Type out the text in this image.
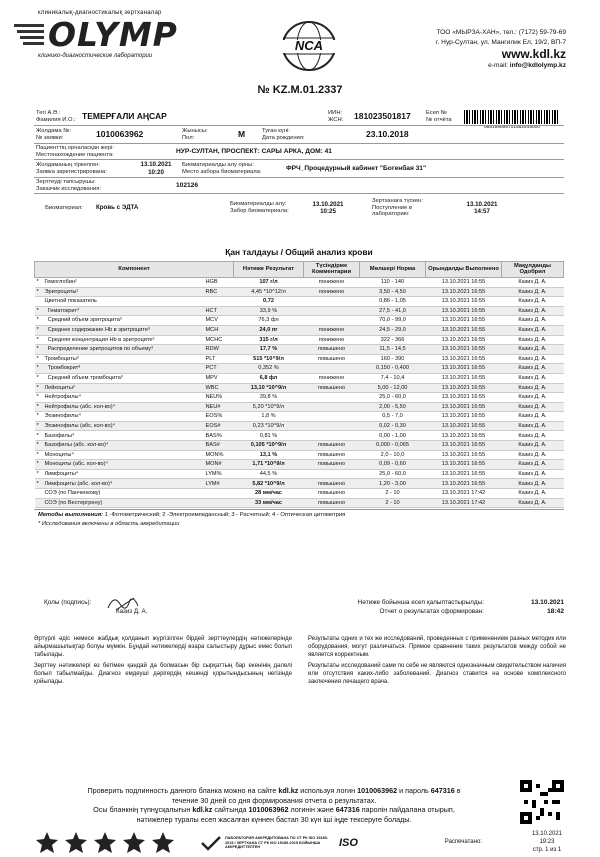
клиникалық-диагностикалық зертханалар
OLYMP
клинико-диагностические лаборатории
NCA
ТОО «МЫРЗА-ХАН», тел.: (7172) 59-79-69
г. Нур-Султан, ул. Мангилик Ел, 19/2, ВП-7
www.kdl.kz
e-mail: info@kdlolymp.kz
№ KZ.M.01.2337
068198696701582449000
Тегі А.Ә.:
Фамилия И.О.: ТЕМЕРҒАЛИ АҢСАР	ИИН:
ЖСН:	181023501817	Есеп №
№ отчёта
Жолдама №:
№ заявки:	1010063962	Жынысы:
Пол:	М	Туған күні:
Дата рождения:	23.10.2018
Пациенттің орналасқан жері:
Местонахождение пациента:	НУР-СУЛТАН, ПРОСПЕКТ: САРЫ АРКА, ДОМ: 41
Жолдаманың тіркелген:
Заявка зарегистрирована:
13.10.2021
10:20
Биоматериалды алу орны:
Место забора биоматериала:	ФРЧ_Процедурный кабинет "Богенбая 31"
Зерттеуді тапсырушы:
Заказчик исследования:	102126
Биоматериал:	Кровь с ЭДТА
Биоматериалды алу:
Забор биоматериала:
13.10.2021
10:25
Зертханаға түскен:
Поступление в лабораторию:
13.10.2021
14:57
Қан талдауы / Общий анализ крови
Компонент			Нәтиже Результат	Түсіндірме Комментарии	Мөлшері Норма	Орындалды Выполнено	Мақұлданды Одобрил
*	Гемоглобин¹	HGB	107 г/л	понижено	110 - 140	13.10.2021 16:55	Казиз Д. А.
*	Эритроциты¹	RBC	4,45 *10^12/л	понижено	3,50 - 4,50	13.10.2021 16:55	Казиз Д. А.
	Цветной показатель		0,72		0,86 - 1,05	13.10.2021 16:55	Казиз Д. А.
*	Гематокрит³	HCT	33,9 %		27,5 - 41,0	13.10.2021 16:55	Казиз Д. А.
*	Средний объем эритроцита³	MCV	76,3 фл		70,0 - 99,0	13.10.2021 16:55	Казиз Д. А.
*	Среднее содержание Hb в эритроците³	MCH	24,0 пг	понижено	24,5 - 29,0	13.10.2021 16:55	Казиз Д. А.
*	Средняя концентрация Hb в эритроците³	MCHC	315 г/л	понижено	322 - 366	13.10.2021 16:55	Казиз Д. А.
*	Распределение эритроцитов по объему³	RDW	17,7 %	повышено	11,5 - 14,5	13.10.2021 16:55	Казиз Д. А.
*	Тромбоциты²	PLT	515 *10^9/л	повышено	160 - 390	13.10.2021 16:55	Казиз Д. А.
*	Тромбокрит³	PCT	0,352 %		0,150 - 0,400	13.10.2021 16:55	Казиз Д. А.
*	Средний объем тромбоцита³	MPV	6,8 фл	понижено	7,4 - 10,4	13.10.2021 16:55	Казиз Д. А.
*	Лейкоциты²	WBC	13,10 *10^9/л	повышено	5,00 - 12,00	13.10.2021 16:55	Казиз Д. А.
*	Нейтрофилы⁴	NEU%	39,8 %		25,0 - 60,0	13.10.2021 16:55	Казиз Д. А.
*	Нейтрофилы (абс. кол-во)⁴	NEU#	5,20 *10^9/л		2,00 - 5,50	13.10.2021 16:55	Казиз Д. А.
*	Эозинофилы⁴	EOS%	1,8 %		0,5 - 7,0	13.10.2021 16:55	Казиз Д. А.
*	Эозинофилы (абс. кол-во)⁴	EOS#	0,23 *10^9/л		0,02 - 0,30	13.10.2021 16:55	Казиз Д. А.
*	Базофилы⁴	BAS%	0,81 %		0,00 - 1,00	13.10.2021 16:55	Казиз Д. А.
*	Базофилы (абс. кол-во)⁴	BAS#	0,105 *10^9/л	повышено	0,000 - 0,065	13.10.2021 16:55	Казиз Д. А.
*	Моноциты⁴	MON%	13,1 %	повышено	2,0 - 10,0	13.10.2021 16:55	Казиз Д. А.
*	Моноциты (абс. кол-во)⁴	MON#	1,71 *10^9/л	повышено	0,09 - 0,60	13.10.2021 16:55	Казиз Д. А.
*	Лимфоциты⁴	LYM%	44,5 %		25,0 - 60,0	13.10.2021 16:55	Казиз Д. А.
*	Лимфоциты (абс. кол-во)⁴	LYM#	5,82 *10^9/л	повышено	1,20 - 3,00	13.10.2021 16:55	Казиз Д. А.
	СОЭ (по Панченкову)		28 мм/час	повышено	2 - 10	13.10.2021 17:42	Казиз Д. А.
	СОЭ (по Вестергрену)		33 мм/час	повышено	2 - 10	13.10.2021 17:42	Казиз Д. А.
Методы выполнения: 1 -Фотометрический; 2 -Электроимпедансный; 3 - Расчетный; 4 - Оптическая цитометрия
* Исследования включены в область аккредитации
Қолы (подпись):	Нәтиже бойынша есеп қалыптастырылды:	13.10.2021
Казиз Д. А.	Отчет о результатах сформирован:	18:42

Әртүрлі әдіс немесе жабдық қолданып жүргізілген бірдей зерттеулердің нәтижелерінде айырмашылықтар болуы мүмкін. Бұндай нәтижелерді өзара салыстыру дұрыс емес болып табылады.

Зерттеу нәтижелері өз бетімен қандай да болмасын бір сырқаттың бар екенінің дәлелі болып табылмайды. Диагноз емдеуші дәрігердің кешенді қорытындысының негізінде қойылады.

Результаты одних и тех же исследований, проведенных с применением разных методик или оборудования, могут различаться. Прямое сравнение таких результатов между собой не является корректным.

Результаты исследований сами по себе не являются однозначным свидетельством наличия или отсутствия каких-либо заболеваний. Диагноз ставится на основе комплексного заключения лечащего врача.

Проверить подлинность данного бланка можно на сайте kdl.kz используя логин 1010063962 и пароль 647316 в
течение 30 дней со дня формирования отчета о результатах.
Осы бланкнің түпнұсқалығын kdl.kz сайтында 1010063962 логинін және 647316 паролін пайдалана отырып,
нәтижелер туралы есеп жасалған күннен бастап 30 күн іші іңде тексеруге болады.
ЛАБОРАТОРИЯ АККРЕДИТОВАНА ПО СТ РК ISO 15189-2015 / ЗЕРТХАНА СТ РК ISO 15189-2015 БОЙЫНША АККРЕДИТТЕЛГЕН	ISO	Распечатано:
13.10.2021
19:23
стр. 1 из 1
